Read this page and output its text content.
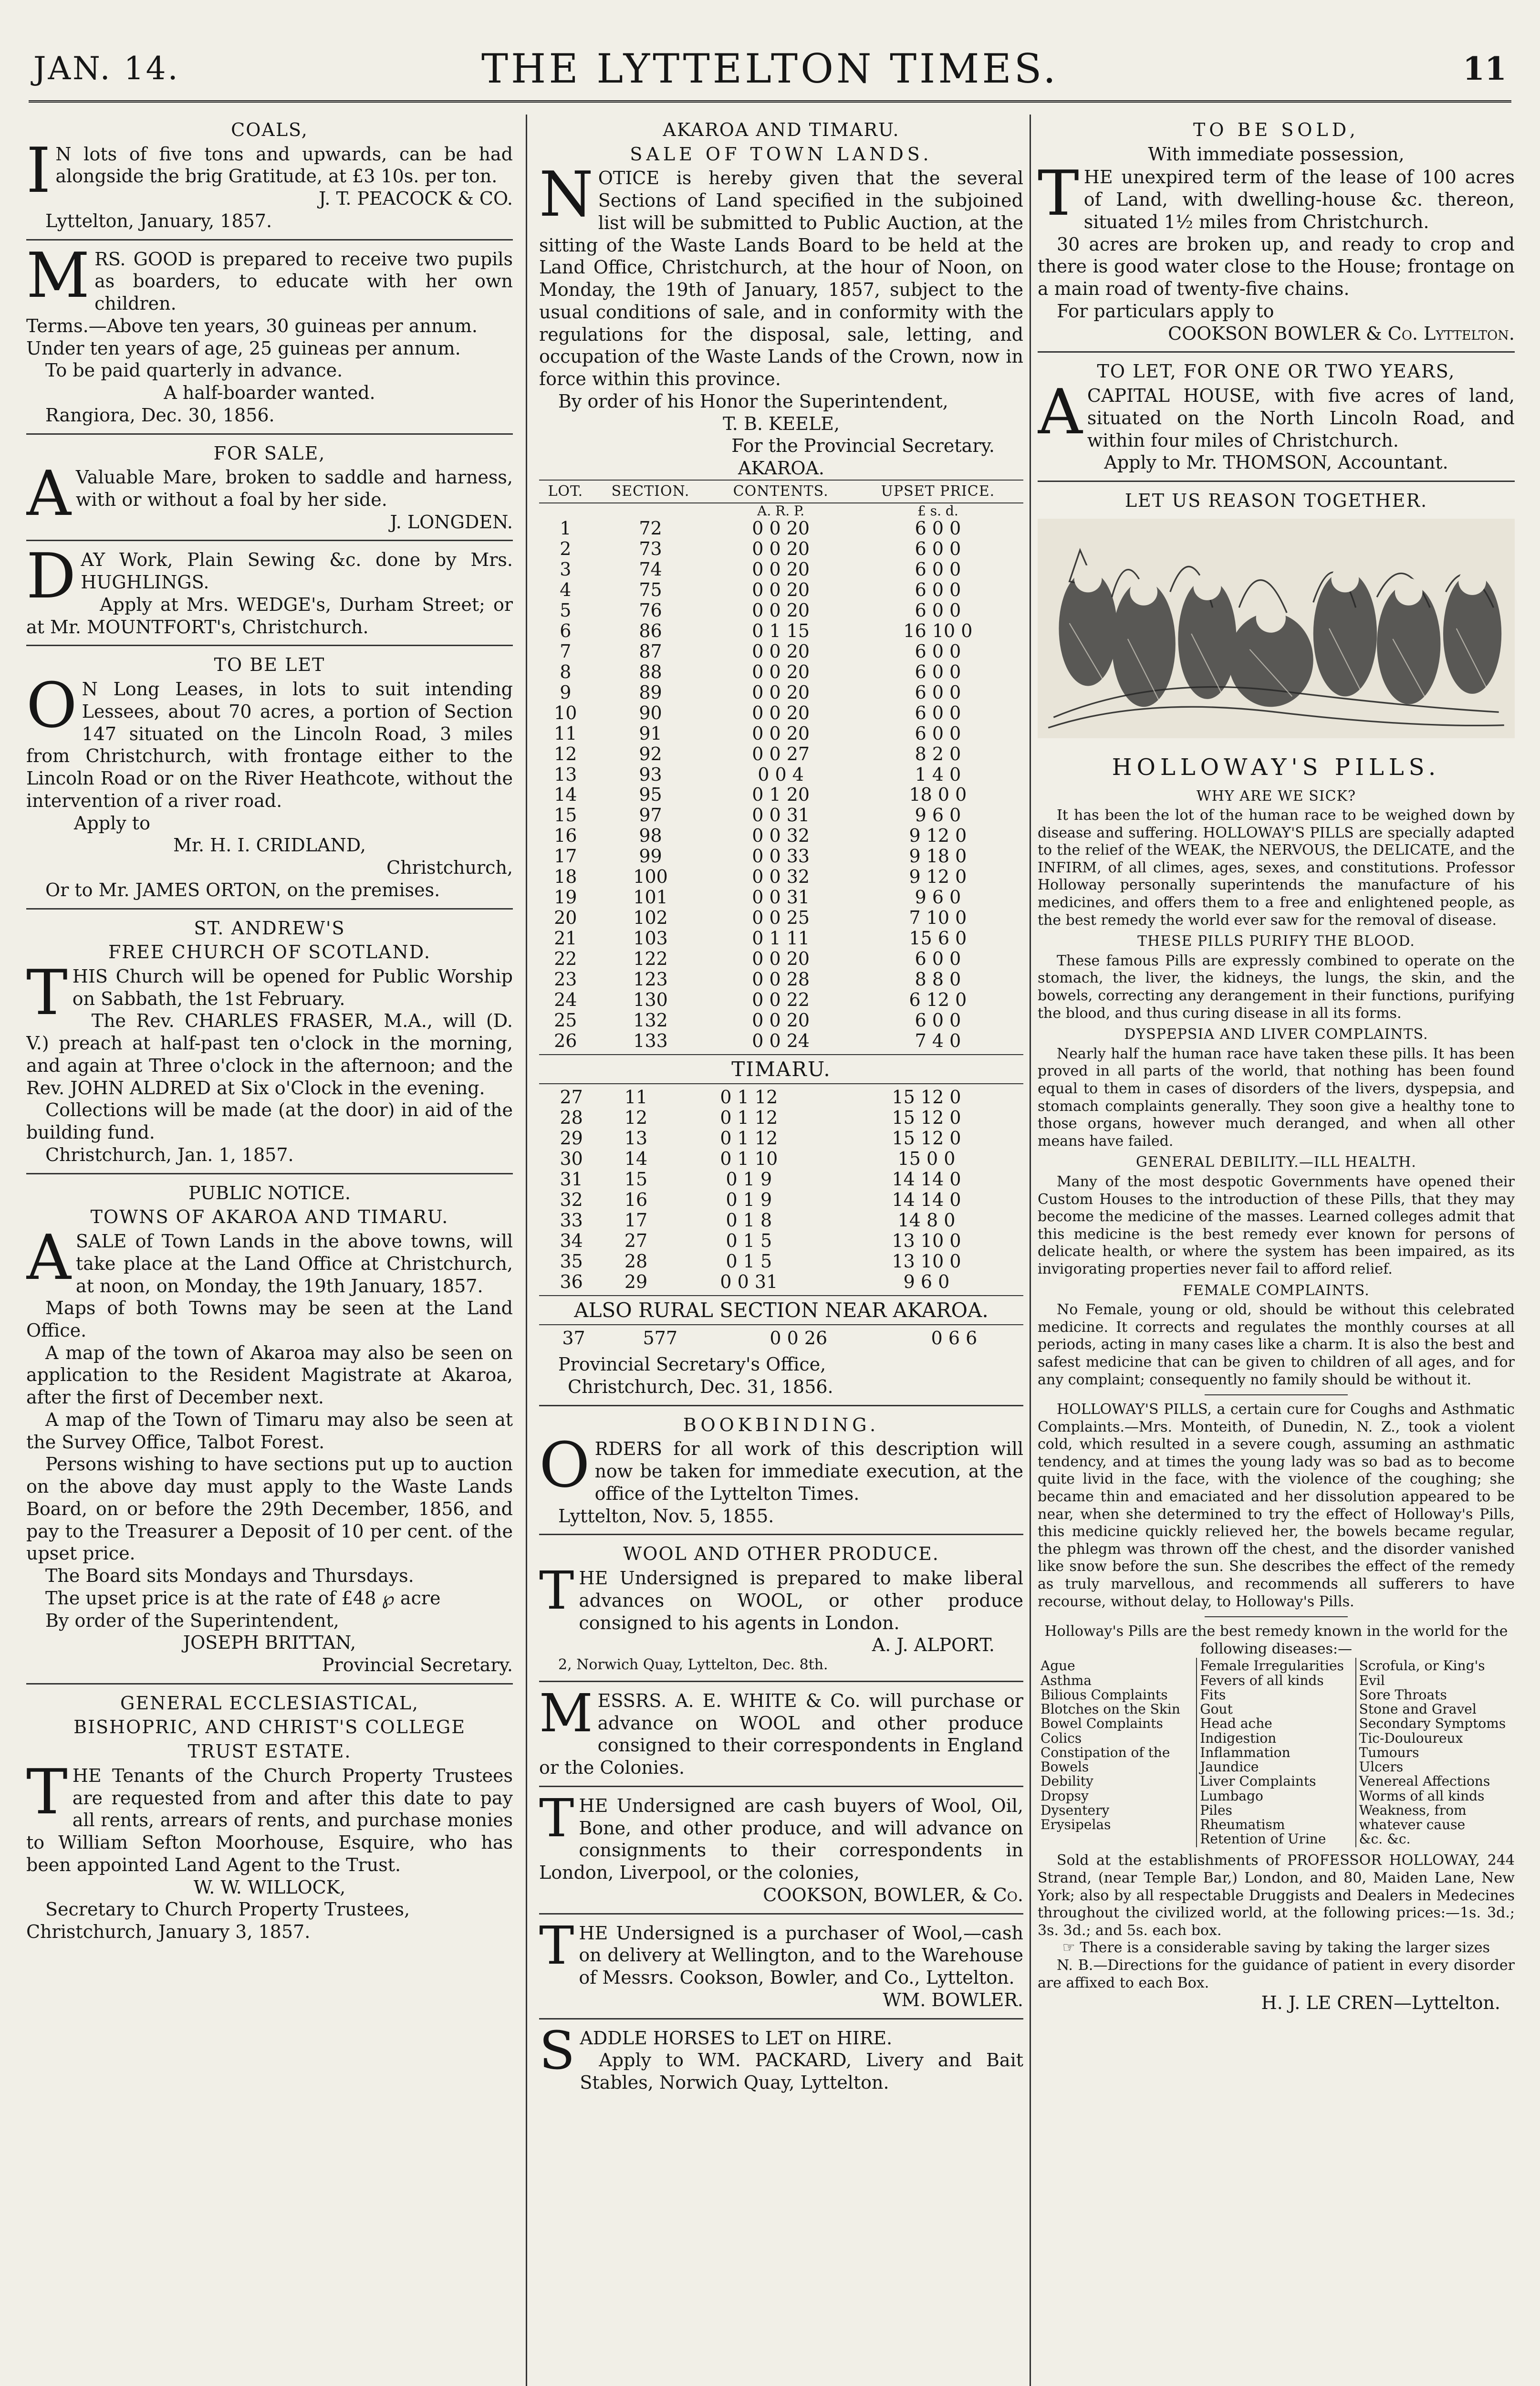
JAN. 14.	THE LYTTELTON TIMES.	11
COALS,

I N lots of five tons and upwards, can be had alongside the brig Gratitude, at £3 10s. per ton.

J. T. PEACOCK & CO.
Lyttelton, January, 1857.

MRS. GOOD is prepared to receive two pupils as boarders, to educate with her own children.

Terms.—Above ten years, 30 guineas per annum.
Under ten years of age, 25 guineas per annum.
To be paid quarterly in advance.
A half-boarder wanted.
Rangiora, Dec. 30, 1856.
FOR SALE,

A Valuable Mare, broken to saddle and harness, with or without a foal by her side.

J. LONGDEN.

DAY Work, Plain Sewing &c. done by Mrs. HUGHLINGS.

Apply at Mrs. WEDGE's, Durham Street; or at Mr. MOUNTFORT's, Christchurch.
TO BE LET

O N Long Leases, in lots to suit intending Lessees, about 70 acres, a portion of Section 147 situated on the Lincoln Road, 3 miles from Christchurch, with frontage either to the Lincoln Road or on the River Heathcote, without the intervention of a river road.

Apply to
Mr. H. I. CRIDLAND,
Christchurch,
Or to Mr. JAMES ORTON, on the premises.
ST. ANDREW'S
FREE CHURCH OF SCOTLAND.

THIS Church will be opened for Public Worship on Sabbath, the 1st February.

The Rev. CHARLES FRASER, M.A., will (D. V.) preach at half-past ten o'clock in the morning, and again at Three o'clock in the afternoon; and the Rev. JOHN ALDRED at Six o'Clock in the evening.
Collections will be made (at the door) in aid of the building fund.
Christchurch, Jan. 1, 1857.
PUBLIC NOTICE.
TOWNS OF AKAROA AND TIMARU.

ASALE of Town Lands in the above towns, will take place at the Land Office at Christchurch, at noon, on Monday, the 19th January, 1857.

Maps of both Towns may be seen at the Land Office.
A map of the town of Akaroa may also be seen on application to the Resident Magistrate at Akaroa, after the first of December next.
A map of the Town of Timaru may also be seen at the Survey Office, Talbot Forest.
Persons wishing to have sections put up to auction on the above day must apply to the Waste Lands Board, on or before the 29th December, 1856, and pay to the Treasurer a Deposit of 10 per cent. of the upset price.
The Board sits Mondays and Thursdays.
The upset price is at the rate of £48 ℘ acre
By order of the Superintendent,
JOSEPH BRITTAN,
Provincial Secretary.
GENERAL ECCLESIASTICAL,
BISHOPRIC, AND CHRIST'S COLLEGE
TRUST ESTATE.

THE Tenants of the Church Property Trustees are requested from and after this date to pay all rents, arrears of rents, and purchase monies to William Sefton Moorhouse, Esquire, who has been appointed Land Agent to the Trust.

W. W. WILLOCK,
Secretary to Church Property Trustees,
Christchurch, January 3, 1857.
AKAROA AND TIMARU.
SALE OF TOWN LANDS.

NOTICE is hereby given that the several Sections of Land specified in the subjoined list will be submitted to Public Auction, at the sitting of the Waste Lands Board to be held at the Land Office, Christchurch, at the hour of Noon, on Monday, the 19th of January, 1857, subject to the usual conditions of sale, and in conformity with the regulations for the disposal, sale, letting, and occupation of the Waste Lands of the Crown, now in force within this province.

By order of his Honor the Superintendent,
T. B. KEELE,
For the Provincial Secretary.
AKAROA.
LOT.	SECTION.	CONTENTS.	UPSET PRICE.
		A. R. P.	£ s. d.
1	72	0 0 20	6 0 0
2	73	0 0 20	6 0 0
3	74	0 0 20	6 0 0
4	75	0 0 20	6 0 0
5	76	0 0 20	6 0 0
6	86	0 1 15	16 10 0
7	87	0 0 20	6 0 0
8	88	0 0 20	6 0 0
9	89	0 0 20	6 0 0
10	90	0 0 20	6 0 0
11	91	0 0 20	6 0 0
12	92	0 0 27	8 2 0
13	93	0 0 4	1 4 0
14	95	0 1 20	18 0 0
15	97	0 0 31	9 6 0
16	98	0 0 32	9 12 0
17	99	0 0 33	9 18 0
18	100	0 0 32	9 12 0
19	101	0 0 31	9 6 0
20	102	0 0 25	7 10 0
21	103	0 1 11	15 6 0
22	122	0 0 20	6 0 0
23	123	0 0 28	8 8 0
24	130	0 0 22	6 12 0
25	132	0 0 20	6 0 0
26	133	0 0 24	7 4 0
TIMARU.
27	11	0 1 12	15 12 0
28	12	0 1 12	15 12 0
29	13	0 1 12	15 12 0
30	14	0 1 10	15 0 0
31	15	0 1 9	14 14 0
32	16	0 1 9	14 14 0
33	17	0 1 8	14 8 0
34	27	0 1 5	13 10 0
35	28	0 1 5	13 10 0
36	29	0 0 31	9 6 0
ALSO RURAL SECTION NEAR AKAROA.
37	577	0 0 26	0 6 6
Provincial Secretary's Office,
Christchurch, Dec. 31, 1856.
BOOKBINDING.

ORDERS for all work of this description will now be taken for immediate execution, at the office of the Lyttelton Times.

Lyttelton, Nov. 5, 1855.
WOOL AND OTHER PRODUCE.

THE Undersigned is prepared to make liberal advances on WOOL, or other produce consigned to his agents in London.

A. J. ALPORT.
2, Norwich Quay, Lyttelton, Dec. 8th.

MESSRS. A. E. WHITE & Co. will purchase or advance on WOOL and other produce consigned to their correspondents in England or the Colonies.

THE Undersigned are cash buyers of Wool, Oil, Bone, and other produce, and will advance on consignments to their correspondents in London, Liverpool, or the colonies,

COOKSON, BOWLER, & Co.

THE Undersigned is a purchaser of Wool,—cash on delivery at Wellington, and to the Warehouse of Messrs. Cookson, Bowler, and Co., Lyttelton.

WM. BOWLER.

SADDLE HORSES to LET on HIRE.

Apply to WM. PACKARD, Livery and Bait Stables, Norwich Quay, Lyttelton.
TO BE SOLD,
With immediate possession,

THE unexpired term of the lease of 100 acres of Land, with dwelling-house &c. thereon, situated 1½ miles from Christchurch.

30 acres are broken up, and ready to crop and there is good water close to the House; frontage on a main road of twenty-five chains.
For particulars apply to
COOKSON BOWLER & Co. Lyttelton.
TO LET, FOR ONE OR TWO YEARS,

ACAPITAL HOUSE, with five acres of land, situated on the North Lincoln Road, and within four miles of Christchurch.

Apply to Mr. THOMSON, Accountant.
LET US REASON TOGETHER.
HOLLOWAY'S PILLS.
WHY ARE WE SICK?

It has been the lot of the human race to be weighed down by disease and suffering. HOLLOWAY'S PILLS are specially adapted to the relief of the WEAK, the NERVOUS, the DELICATE, and the INFIRM, of all climes, ages, sexes, and constitutions. Professor Holloway personally superintends the manufacture of his medicines, and offers them to a free and enlightened people, as the best remedy the world ever saw for the removal of disease.

THESE PILLS PURIFY THE BLOOD.

These famous Pills are expressly combined to operate on the stomach, the liver, the kidneys, the lungs, the skin, and the bowels, correcting any derangement in their functions, purifying the blood, and thus curing disease in all its forms.

DYSPEPSIA AND LIVER COMPLAINTS.

Nearly half the human race have taken these pills. It has been proved in all parts of the world, that nothing has been found equal to them in cases of disorders of the livers, dyspepsia, and stomach complaints generally. They soon give a healthy tone to those organs, however much deranged, and when all other means have failed.

GENERAL DEBILITY.—ILL HEALTH.

Many of the most despotic Governments have opened their Custom Houses to the introduction of these Pills, that they may become the medicine of the masses. Learned colleges admit that this medicine is the best remedy ever known for persons of delicate health, or where the system has been impaired, as its invigorating properties never fail to afford relief.

FEMALE COMPLAINTS.

No Female, young or old, should be without this celebrated medicine. It corrects and regulates the monthly courses at all periods, acting in many cases like a charm. It is also the best and safest medicine that can be given to children of all ages, and for any complaint; consequently no family should be without it.

HOLLOWAY'S PILLS, a certain cure for Coughs and Asthmatic Complaints.—Mrs. Monteith, of Dunedin, N. Z., took a violent cold, which resulted in a severe cough, assuming an asthmatic tendency, and at times the young lady was so bad as to become quite livid in the face, with the violence of the coughing; she became thin and emaciated and her dissolution appeared to be near, when she determined to try the effect of Holloway's Pills, this medicine quickly relieved her, the bowels became regular, the phlegm was thrown off the chest, and the disorder vanished like snow before the sun. She describes the effect of the remedy as truly marvellous, and recommends all sufferers to have recourse, without delay, to Holloway's Pills.

Holloway's Pills are the best remedy known in the world for the following diseases:—
Ague
Asthma
Bilious Complaints
Blotches on the Skin
Bowel Complaints
Colics
Constipation of the Bowels
Debility
Dropsy
Dysentery
Erysipelas

Female Irregularities
Fevers of all kinds
Fits
Gout
Head ache
Indigestion
Inflammation
Jaundice
Liver Complaints
Lumbago
Piles
Rheumatism
Retention of Urine

Scrofula, or King's Evil
Sore Throats
Stone and Gravel
Secondary Symptoms
Tic-Douloureux
Tumours
Ulcers
Venereal Affections
Worms of all kinds
Weakness, from whatever cause
&c. &c.

Sold at the establishments of PROFESSOR HOLLOWAY, 244 Strand, (near Temple Bar,) London, and 80, Maiden Lane, New York; also by all respectable Druggists and Dealers in Medecines throughout the civilized world, at the following prices:—1s. 3d.; 3s. 3d.; and 5s. each box.

☞ There is a considerable saving by taking the larger sizes

N. B.—Directions for the guidance of patient in every disorder are affixed to each Box.

H. J. LE CREN—Lyttelton.
